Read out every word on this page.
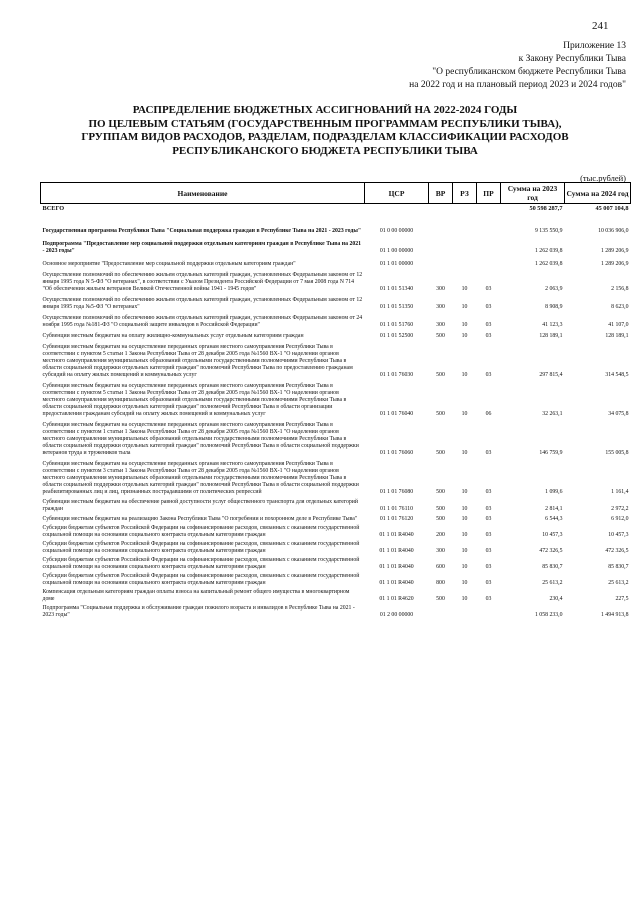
241
Приложение 13
к Закону Республики Тыва
"О республиканском бюджете Республики Тыва
на 2022 год и на плановый период 2023 и 2024 годов"
РАСПРЕДЕЛЕНИЕ БЮДЖЕТНЫХ АССИГНОВАНИЙ НА 2022-2024 ГОДЫ
ПО ЦЕЛЕВЫМ СТАТЬЯМ (ГОСУДАРСТВЕННЫМ ПРОГРАММАМ РЕСПУБЛИКИ ТЫВА),
ГРУППАМ ВИДОВ РАСХОДОВ, РАЗДЕЛАМ, ПОДРАЗДЕЛАМ КЛАССИФИКАЦИИ РАСХОДОВ
РЕСПУБЛИКАНСКОГО БЮДЖЕТА РЕСПУБЛИКИ ТЫВА
(тыс.рублей)
Наименование	ЦСР	ВР	РЗ	ПР	Сумма на 2023 год	Сумма на 2024 год
ВСЕГО					50 598 287,7	45 007 104,8
Государственная программа Республики Тыва "Социальная поддержка граждан в Республике Тыва на 2021 - 2023 годы"	01 0 00 00000				9 135 550,9	10 036 906,0
Подпрограмма "Предоставление мер социальной поддержки отдельным категориям граждан в Республике Тыва на 2021 - 2023 годы"	01 1 00 00000				1 262 039,8	1 289 206,9
Основное мероприятие "Предоставление мер социальной поддержки отдельным категориям граждан"	01 1 01 00000				1 262 039,8	1 289 206,9
Осуществление полномочий по обеспечению жильем отдельных категорий граждан, установленных Федеральным законом от 12 января 1995 года N 5-ФЗ "О ветеранах", в соответствии с Указом Президента Российской Федерации от 7 мая 2008 года N 714 "Об обеспечении жильем ветеранов Великой Отечественной войны 1941 - 1945 годов"	01 1 01 51340	300	10	03	2 063,9	2 156,8
Осуществление полномочий по обеспечению жильем отдельных категорий граждан, установленных Федеральным законом от 12 января 1995 года №5-ФЗ "О ветеранах"	01 1 01 51350	300	10	03	8 908,9	8 623,0
Осуществление полномочий по обеспечению жильем отдельных категорий граждан, установленных Федеральным законом от 24 ноября 1995 года №181-ФЗ "О социальной защите инвалидов в Российской Федерации"	01 1 01 51760	300	10	03	41 123,3	41 107,0
Субвенции местным бюджетам на оплату жилищно-коммунальных услуг отдельным категориям граждан	01 1 01 52500	500	10	03	128 189,1	128 189,1
Субвенции местным бюджетам на осуществление переданных органам местного самоуправления Республики Тыва в соответствии с пунктом 5 статьи 1 Закона Республики Тыва от 28 декабря 2005 года №1560 ВХ-1 "О наделении органов местного самоуправления муниципальных образований отдельными государственными полномочиями Республики Тыва в области социальной поддержки отдельных категорий граждан" полномочий Республики Тыва по предоставлению гражданам субсидий на оплату жилых помещений и коммунальных услуг	01 1 01 76030	500	10	03	297 815,4	314 548,5
Субвенции местным бюджетам на осуществление переданных органам местного самоуправления Республики Тыва в соответствии с пунктом 5 статьи 1 Закона Республики Тыва от 28 декабря 2005 года №1560 ВХ-1 "О наделении органов местного самоуправления муниципальных образований отдельными государственными полномочиями Республики Тыва в области социальной поддержки отдельных категорий граждан" полномочий Республики Тыва в области организации предоставления гражданам субсидий на оплату жилых помещений и коммунальных услуг	01 1 01 76040	500	10	06	32 263,1	34 075,8
Субвенции местным бюджетам на осуществление переданных органам местного самоуправления Республики Тыва в соответствии с пунктом 1 статьи 1 Закона Республики Тыва от 28 декабря 2005 года №1560 ВХ-1 "О наделении органов местного самоуправления муниципальных образований отдельными государственными полномочиями Республики Тыва в области социальной поддержки отдельных категорий граждан" полномочий Республики Тыва в области социальной поддержки ветеранов труда и тружеников тыла	01 1 01 76060	500	10	03	146 759,9	155 005,8
Субвенции местным бюджетам на осуществление переданных органам местного самоуправления Республики Тыва в соответствии с пунктом 3 статьи 1 Закона Республики Тыва от 28 декабря 2005 года №1560 ВХ-1 "О наделении органов местного самоуправления муниципальных образований отдельными государственными полномочиями Республики Тыва в области социальной поддержки отдельных категорий граждан" полномочий Республики Тыва в области социальной поддержки реабилитированных лиц и лиц, признанных пострадавшими от политических репрессий	01 1 01 76080	500	10	03	1 099,6	1 161,4
Субвенции местным бюджетам на обеспечение равной доступности услуг общественного транспорта для отдельных категорий граждан	01 1 01 76110	500	10	03	2 814,1	2 972,2
Субвенции местным бюджетам на реализацию Закона Республики Тыва "О погребении и похоронном деле в Республике Тыва"	01 1 01 76120	500	10	03	6 544,3	6 912,0
Субсидии бюджетам субъектов Российской Федерации на софинансирование расходов, связанных с оказанием государственной социальной помощи на основании социального контракта отдельным категориям граждан	01 1 01 R4040	200	10	03	10 457,3	10 457,3
Субсидии бюджетам субъектов Российской Федерации на софинансирование расходов, связанных с оказанием государственной социальной помощи на основании социального контракта отдельным категориям граждан	01 1 01 R4040	300	10	03	472 326,5	472 326,5
Субсидии бюджетам субъектов Российской Федерации на софинансирование расходов, связанных с оказанием государственной социальной помощи на основании социального контракта отдельным категориям граждан	01 1 01 R4040	600	10	03	85 830,7	85 830,7
Субсидии бюджетам субъектов Российской Федерации на софинансирование расходов, связанных с оказанием государственной социальной помощи на основании социального контракта отдельным категориям граждан	01 1 01 R4040	800	10	03	25 613,2	25 613,2
Компенсация отдельным категориям граждан оплаты взноса на капитальный ремонт общего имущества в многоквартирном доме	01 1 01 R4620	500	10	03	230,4	227,5
Подпрограмма "Социальная поддержка и обслуживание граждан пожилого возраста и инвалидов в Республике Тыва на 2021 - 2023 годы"	01 2 00 00000				1 058 233,0	1 494 913,8
